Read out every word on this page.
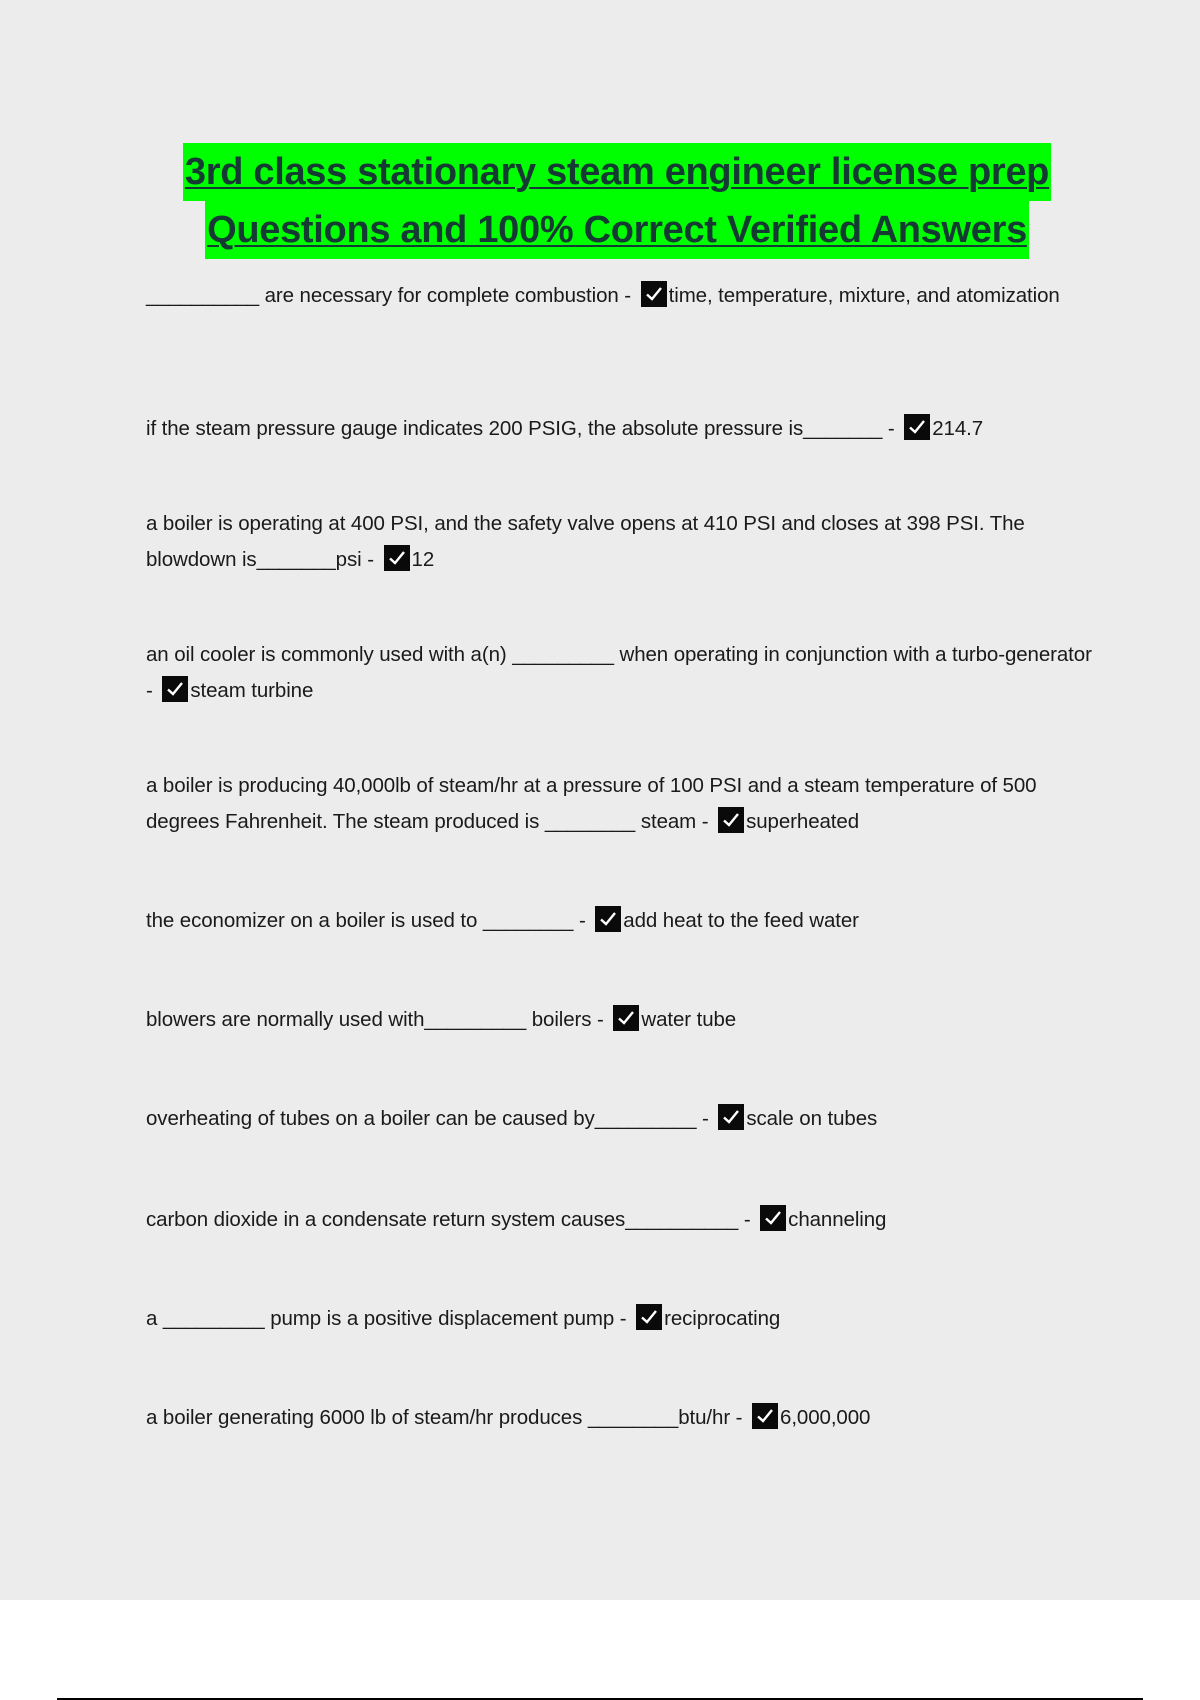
3rd class stationary steam engineer license prep
Questions and 100% Correct Verified Answers
__________ are necessary for complete combustion - time, temperature, mixture, and atomization
if the steam pressure gauge indicates 200 PSIG, the absolute pressure is_______ - 214.7
a boiler is operating at 400 PSI, and the safety valve opens at 410 PSI and closes at 398 PSI. The blowdown is_______psi - 12
an oil cooler is commonly used with a(n) _________ when operating in conjunction with a turbo-generator - steam turbine
a boiler is producing 40,000lb of steam/hr at a pressure of 100 PSI and a steam temperature of 500 degrees Fahrenheit. The steam produced is ________ steam - superheated
the economizer on a boiler is used to ________ - add heat to the feed water
blowers are normally used with_________ boilers - water tube
overheating of tubes on a boiler can be caused by_________ - scale on tubes
carbon dioxide in a condensate return system causes__________ - channeling
a _________ pump is a positive displacement pump - reciprocating
a boiler generating 6000 lb of steam/hr produces ________btu/hr - 6,000,000
